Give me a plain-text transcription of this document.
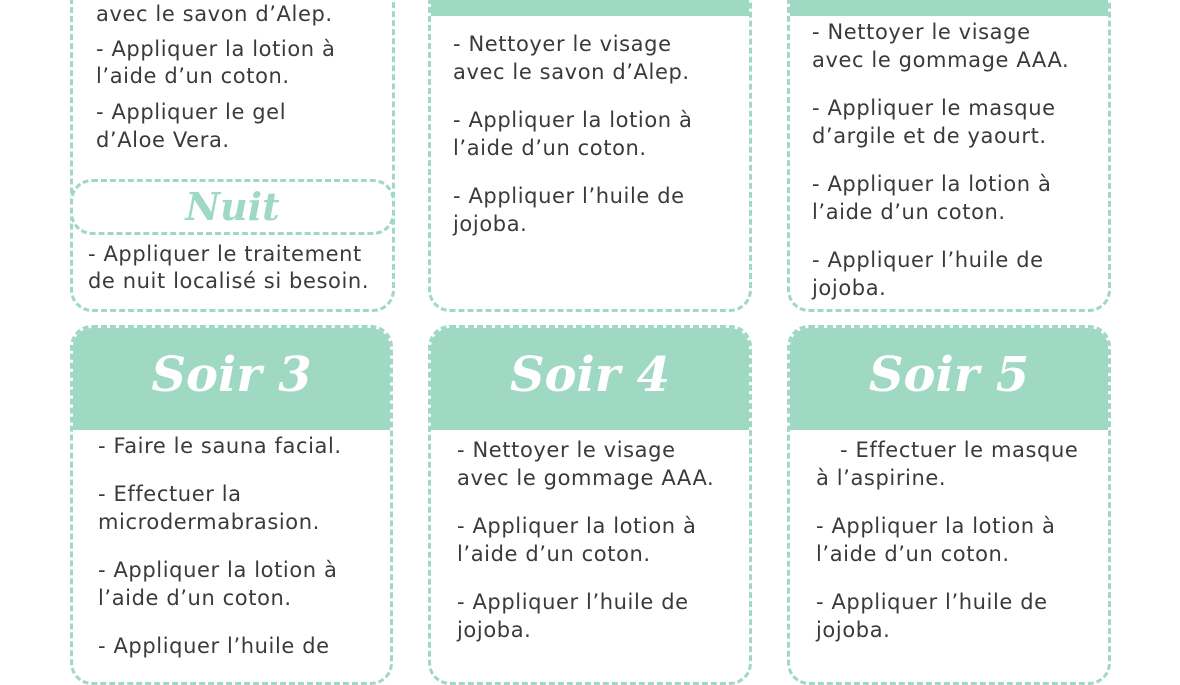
avec le savon d’Alep.
- Appliquer la lotion à
l’aide d’un coton.
- Appliquer le gel
d’Aloe Vera.
Nuit
- Appliquer le traitement
de nuit localisé si besoin.
- Nettoyer le visage
avec le savon d’Alep.
- Appliquer la lotion à
l’aide d’un coton.
- Appliquer l’huile de
jojoba.
- Nettoyer le visage
avec le gommage AAA.
- Appliquer le masque
d’argile et de yaourt.
- Appliquer la lotion à
l’aide d’un coton.
- Appliquer l’huile de
jojoba.
Soir 3
- Faire le sauna facial.
- Effectuer la
microdermabrasion.
- Appliquer la lotion à
l’aide d’un coton.
- Appliquer l’huile de
Soir 4
- Nettoyer le visage
avec le gommage AAA.
- Appliquer la lotion à
l’aide d’un coton.
- Appliquer l’huile de
jojoba.
Soir 5
- Effectuer le masque
à l’aspirine.
- Appliquer la lotion à
l’aide d’un coton.
- Appliquer l’huile de
jojoba.
